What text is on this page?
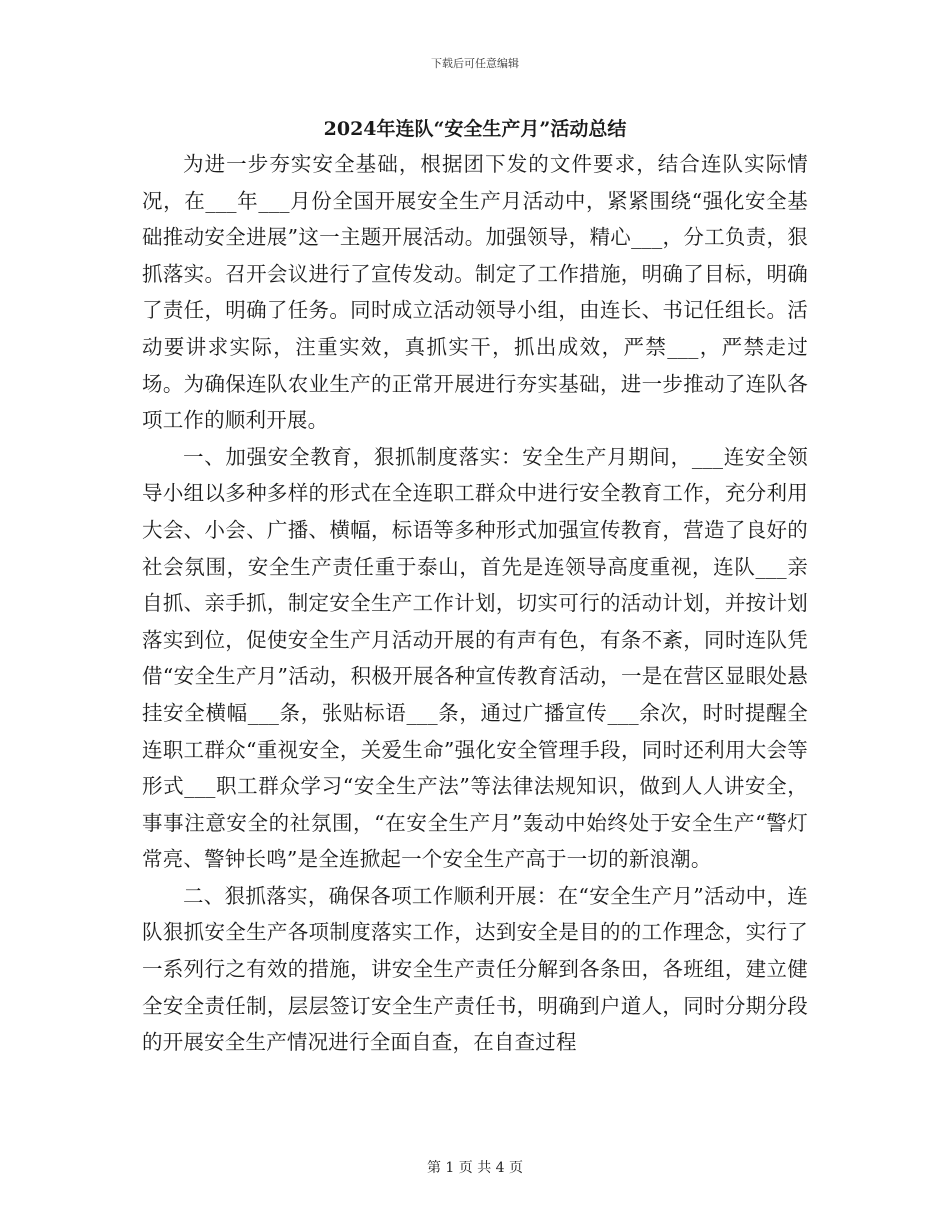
下载后可任意编辑
2024年连队“安全生产月”活动总结

为进一步夯实安全基础，根据团下发的文件要求，结合连队实际情况，在___年___月份全国开展安全生产月活动中，紧紧围绕“强化安全基础推动安全进展”这一主题开展活动。加强领导，精心___，分工负责，狠抓落实。召开会议进行了宣传发动。制定了工作措施，明确了目标，明确了责任，明确了任务。同时成立活动领导小组，由连长、书记任组长。活动要讲求实际，注重实效，真抓实干，抓出成效，严禁___，严禁走过场。为确保连队农业生产的正常开展进行夯实基础，进一步推动了连队各项工作的顺利开展。

一、加强安全教育，狠抓制度落实：安全生产月期间，___连安全领导小组以多种多样的形式在全连职工群众中进行安全教育工作，充分利用大会、小会、广播、横幅，标语等多种形式加强宣传教育，营造了良好的社会氛围，安全生产责任重于泰山，首先是连领导高度重视，连队___亲自抓、亲手抓，制定安全生产工作计划，切实可行的活动计划，并按计划落实到位，促使安全生产月活动开展的有声有色，有条不紊，同时连队凭借“安全生产月”活动，积极开展各种宣传教育活动，一是在营区显眼处悬挂安全横幅___条，张贴标语___条，通过广播宣传___余次，时时提醒全连职工群众“重视安全，关爱生命”强化安全管理手段，同时还利用大会等形式___职工群众学习“安全生产法”等法律法规知识，做到人人讲安全，事事注意安全的社氛围，“在安全生产月”轰动中始终处于安全生产“警灯常亮、警钟长鸣”是全连掀起一个安全生产高于一切的新浪潮。

二、狠抓落实，确保各项工作顺利开展：在“安全生产月”活动中，连队狠抓安全生产各项制度落实工作，达到安全是目的的工作理念，实行了一系列行之有效的措施，讲安全生产责任分解到各条田，各班组，建立健全安全责任制，层层签订安全生产责任书，明确到户道人，同时分期分段的开展安全生产情况进行全面自查，在自查过程

第 1 页 共 4 页
